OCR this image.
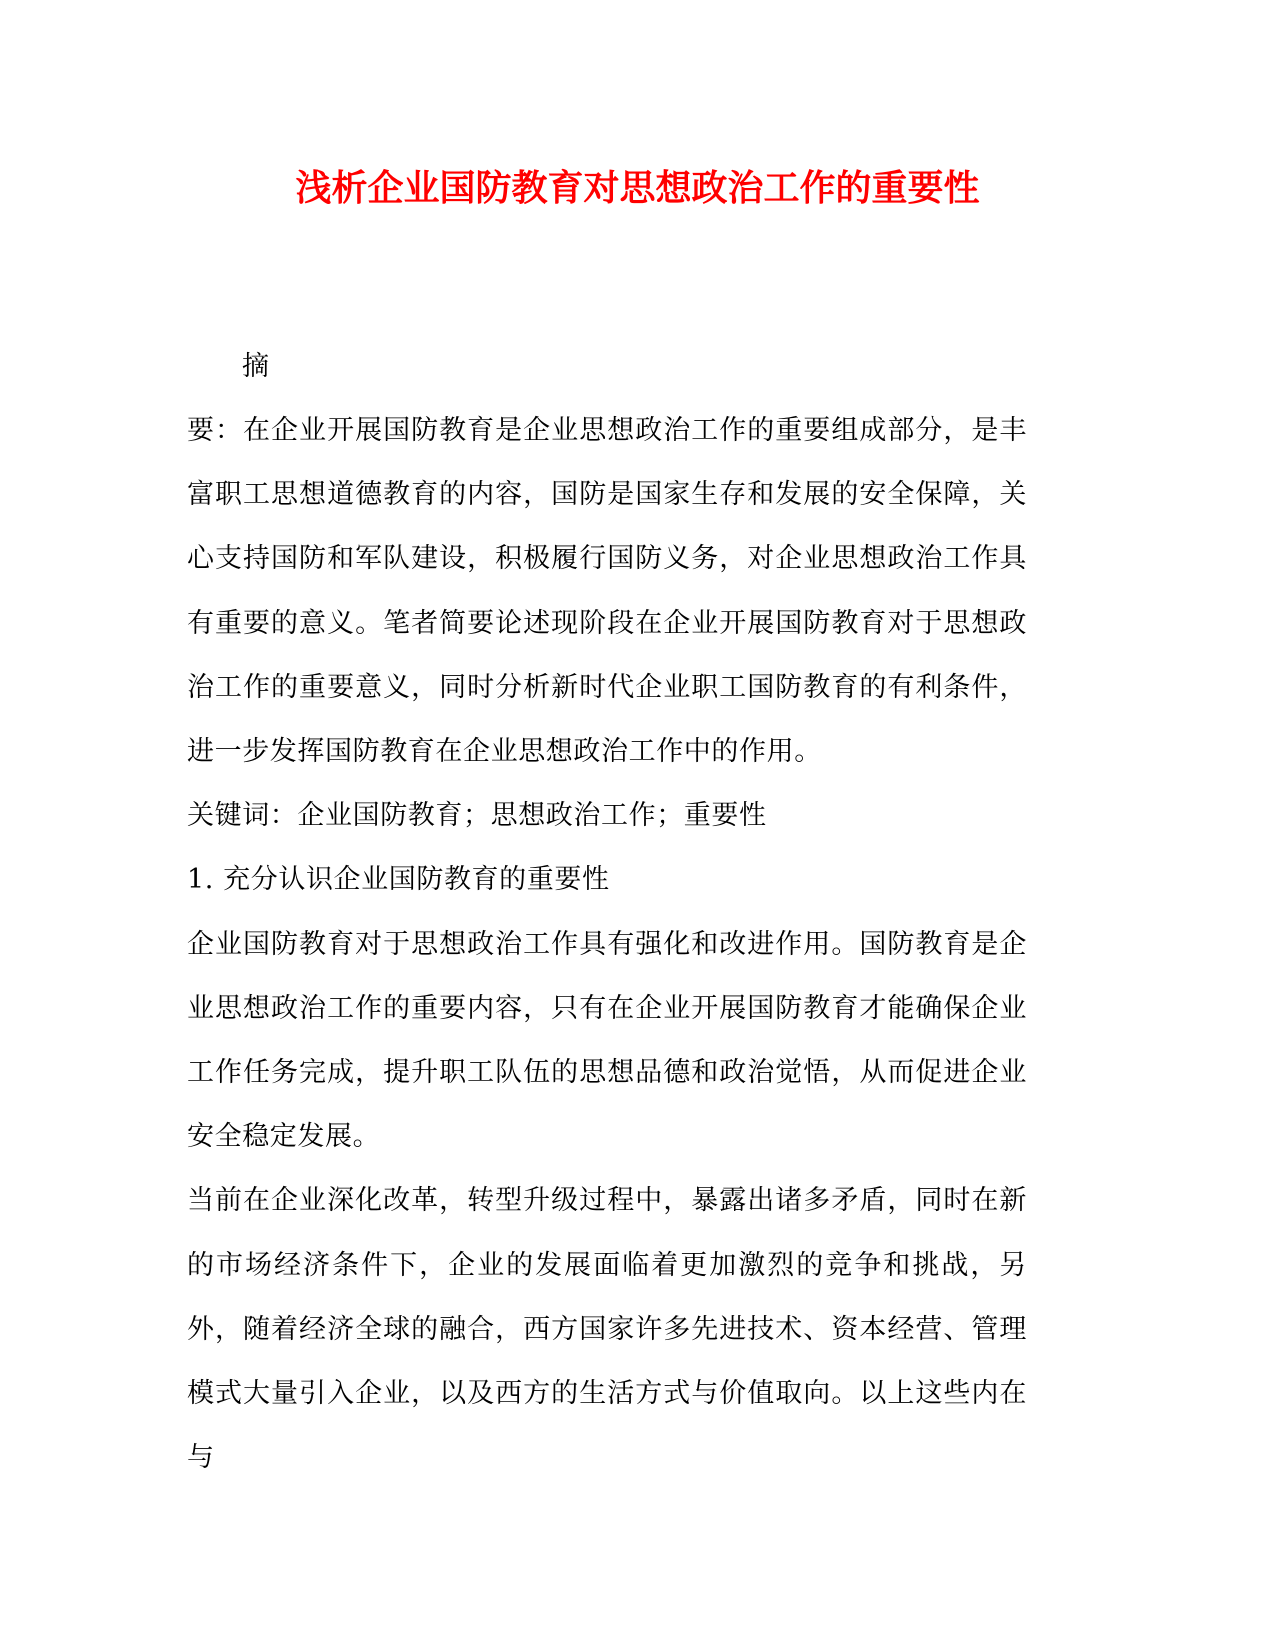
浅析企业国防教育对思想政治工作的重要性

摘

要：在企业开展国防教育是企业思想政治工作的重要组成部分，是丰富职工思想道德教育的内容，国防是国家生存和发展的安全保障，关心支持国防和军队建设，积极履行国防义务，对企业思想政治工作具有重要的意义。笔者简要论述现阶段在企业开展国防教育对于思想政治工作的重要意义，同时分析新时代企业职工国防教育的有利条件，进一步发挥国防教育在企业思想政治工作中的作用。

关键词：企业国防教育；思想政治工作；重要性

1. 充分认识企业国防教育的重要性

企业国防教育对于思想政治工作具有强化和改进作用。国防教育是企业思想政治工作的重要内容，只有在企业开展国防教育才能确保企业工作任务完成，提升职工队伍的思想品德和政治觉悟，从而促进企业安全稳定发展。

当前在企业深化改革，转型升级过程中，暴露出诸多矛盾，同时在新的市场经济条件下，企业的发展面临着更加激烈的竞争和挑战，另外，随着经济全球的融合，西方国家许多先进技术、资本经营、管理模式大量引入企业，以及西方的生活方式与价值取向。以上这些内在与
